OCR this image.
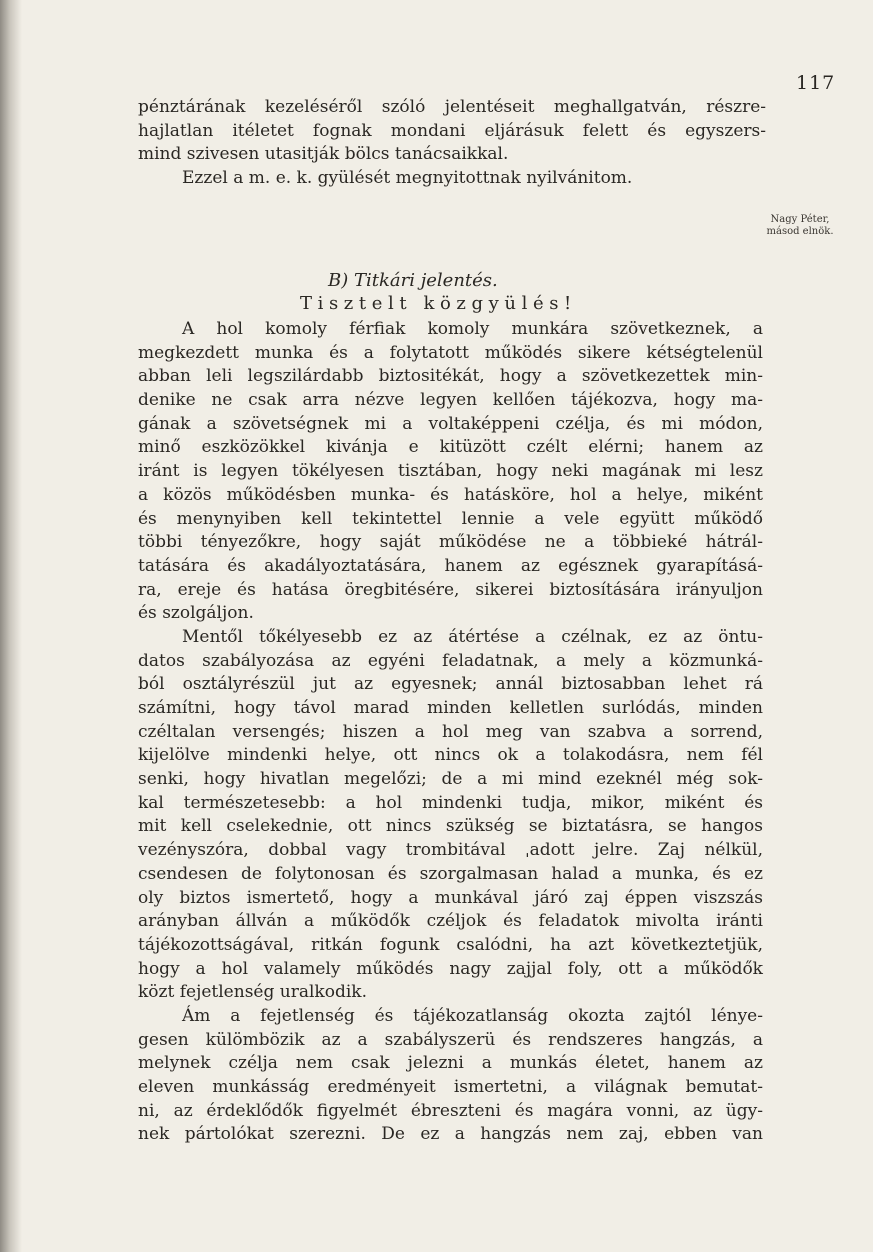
117
pénztárának kezeléséről szóló jelentéseit meghallgatván, részre-
hajlatlan itéletet fognak mondani eljárásuk felett és egyszers-
mind szivesen utasitják bölcs tanácsaikkal.
Ezzel a m. e. k. gyülését megnyitottnak nyilvánitom.
Nagy Péter,
másod elnök.
B) Titkári jelentés.
Tisztelt közgyülés!
A hol komoly férfiak komoly munkára szövetkeznek, a
megkezdett munka és a folytatott működés sikere kétségtelenül
abban leli legszilárdabb biztositékát, hogy a szövetkezettek min-
denike ne csak arra nézve legyen kellően tájékozva, hogy ma-
gának a szövetségnek mi a voltaképpeni czélja, és mi módon,
minő eszközökkel kivánja e kitüzött czélt elérni; hanem az
iránt is legyen tökélyesen tisztában, hogy neki magának mi lesz
a közös működésben munka- és hatásköre, hol a helye, miként
és menynyiben kell tekintettel lennie a vele együtt működő
többi tényezőkre, hogy saját működése ne a többieké hátrál-
tatására és akadályoztatására, hanem az egésznek gyarapításá-
ra, ereje és hatása öregbitésére, sikerei biztosítására irányuljon
és szolgáljon.
Mentől tőkélyesebb ez az átértése a czélnak, ez az öntu-
datos szabályozása az egyéni feladatnak, a mely a közmunká-
ból osztályrészül jut az egyesnek; annál biztosabban lehet rá
számítni, hogy távol marad minden kelletlen surlódás, minden
czéltalan versengés; hiszen a hol meg van szabva a sorrend,
kijelölve mindenki helye, ott nincs ok a tolakodásra, nem fél
senki, hogy hivatlan megelőzi; de a mi mind ezeknél még sok-
kal természetesebb: a hol mindenki tudja, mikor, miként és
mit kell cselekednie, ott nincs szükség se biztatásra, se hangos
vezényszóra, dobbal vagy trombitával ˌadott jelre. Zaj nélkül,
csendesen de folytonosan és szorgalmasan halad a munka, és ez
oly biztos ismertető, hogy a munkával járó zaj éppen viszszás
arányban állván a működők czéljok és feladatok mivolta iránti
tájékozottságával, ritkán fogunk csalódni, ha azt következtetjük,
hogy a hol valamely működés nagy zajjal foly, ott a működők
közt fejetlenség uralkodik.
Ám a fejetlenség és tájékozatlanság okozta zajtól lénye-
gesen külömbözik az a szabályszerü és rendszeres hangzás, a
melynek czélja nem csak jelezni a munkás életet, hanem az
eleven munkásság eredményeit ismertetni, a világnak bemutat-
ni, az érdeklődők figyelmét ébreszteni és magára vonni, az ügy-
nek pártolókat szerezni. De ez a hangzás nem zaj, ebben van
